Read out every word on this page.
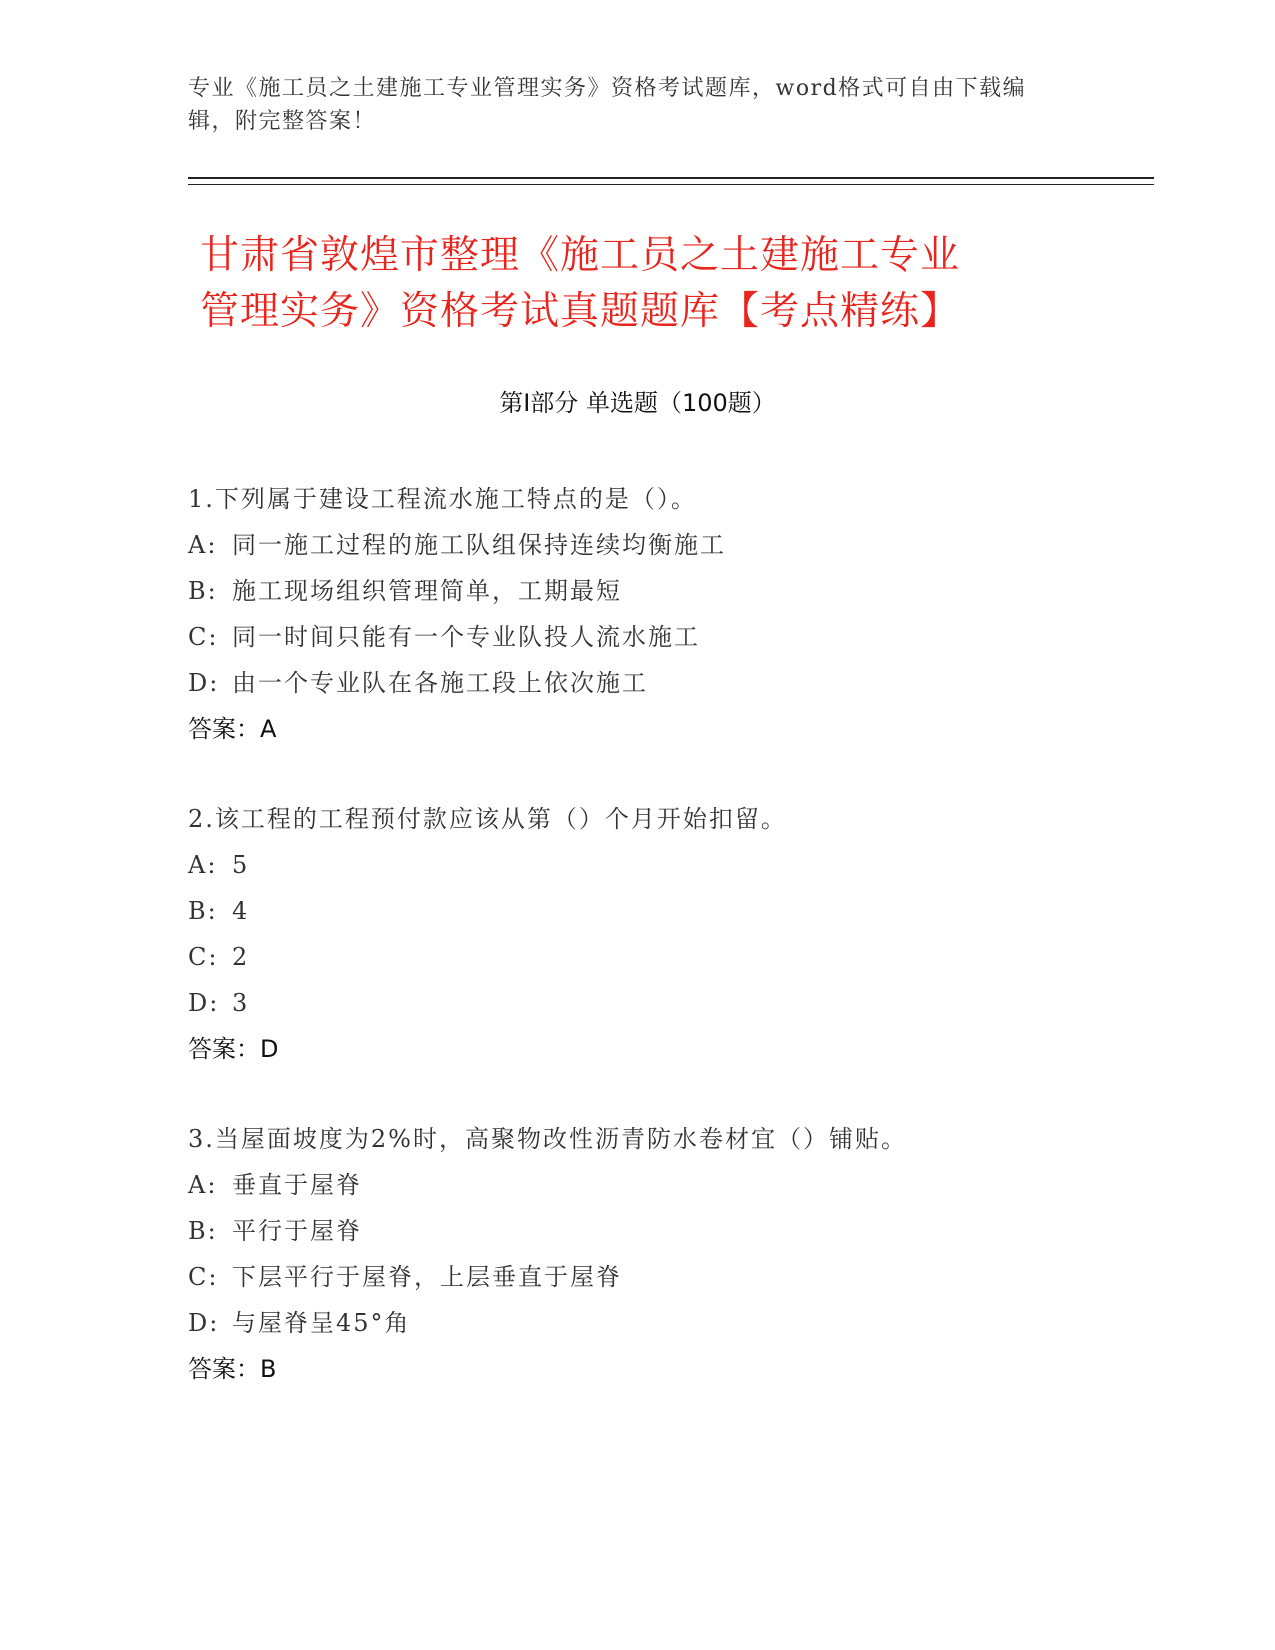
专业《施工员之土建施工专业管理实务》资格考试题库，word格式可自由下载编辑，附完整答案！
甘肃省敦煌市整理《施工员之土建施工专业
管理实务》资格考试真题题库【考点精练】
第I部分 单选题（100题）
1.下列属于建设工程流水施工特点的是（）。
A: 同一施工过程的施工队组保持连续均衡施工
B: 施工现场组织管理简单，工期最短
C: 同一时间只能有一个专业队投人流水施工
D: 由一个专业队在各施工段上依次施工
答案：A
2.该工程的工程预付款应该从第（）个月开始扣留。
A: 5
B: 4
C: 2
D: 3
答案：D
3.当屋面坡度为2%时，高聚物改性沥青防水卷材宜（）铺贴。
A: 垂直于屋脊
B: 平行于屋脊
C: 下层平行于屋脊，上层垂直于屋脊
D: 与屋脊呈45°角
答案：B
